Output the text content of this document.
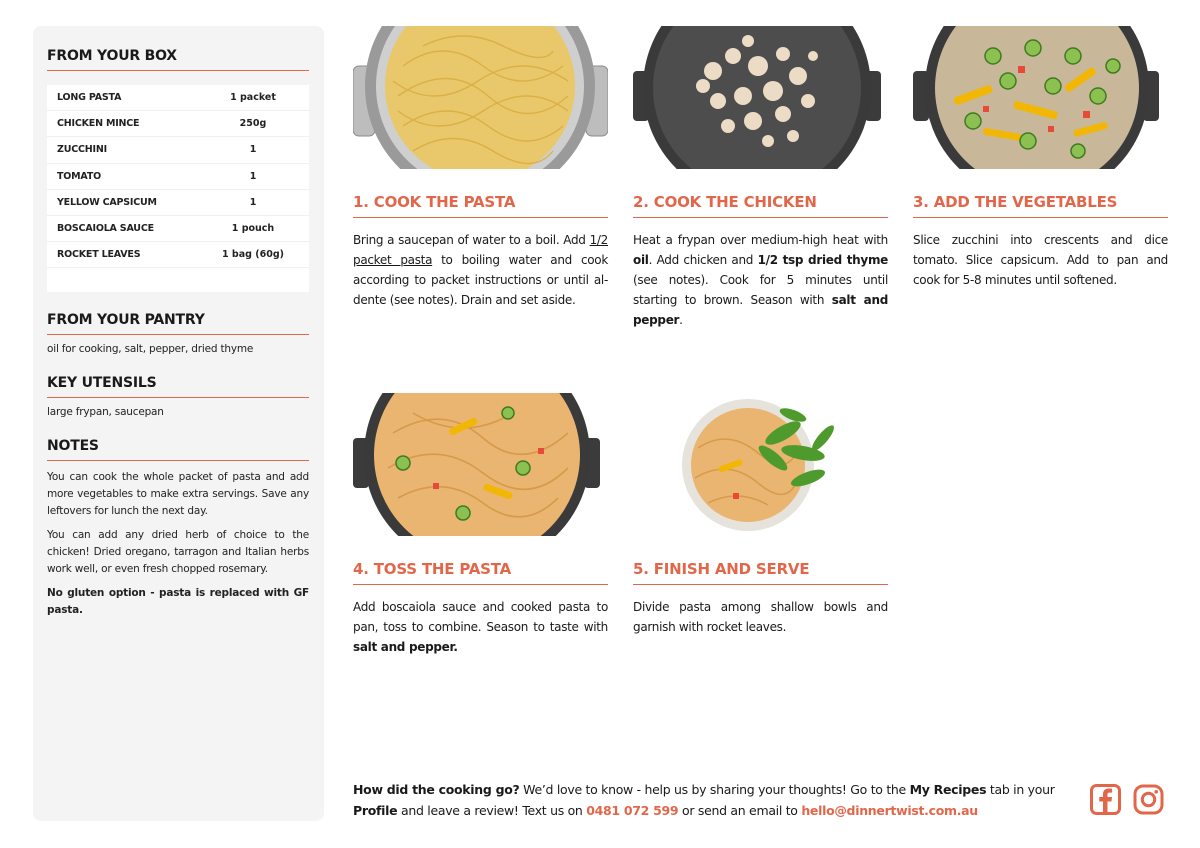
FROM YOUR BOX
LONG PASTA	1 packet
CHICKEN MINCE	250g
ZUCCHINI	1
TOMATO	1
YELLOW CAPSICUM	1
BOSCAIOLA SAUCE	1 pouch
ROCKET LEAVES	1 bag (60g)
FROM YOUR PANTRY
oil for cooking, salt, pepper, dried thyme
KEY UTENSILS
large frypan, saucepan
NOTES

You can cook the whole packet of pasta and add more vegetables to make extra servings. Save any leftovers for lunch the next day.

You can add any dried herb of choice to the chicken! Dried oregano, tarragon and Italian herbs work well, or even fresh chopped rosemary.

No gluten option - pasta is replaced with GF pasta.

1. COOK THE PASTA

Bring a saucepan of water to a boil. Add 1/2 packet pasta to boiling water and cook according to packet instructions or until al-dente (see notes). Drain and set aside.

2. COOK THE CHICKEN

Heat a frypan over medium-high heat with oil. Add chicken and 1/2 tsp dried thyme (see notes). Cook for 5 minutes until starting to brown. Season with salt and pepper.

3. ADD THE VEGETABLES

Slice zucchini into crescents and dice tomato. Slice capsicum. Add to pan and cook for 5-8 minutes until softened.

4. TOSS THE PASTA

Add boscaiola sauce and cooked pasta to pan, toss to combine. Season to taste with salt and pepper.

5. FINISH AND SERVE

Divide pasta among shallow bowls and garnish with rocket leaves.

How did the cooking go? We’d love to know - help us by sharing your thoughts! Go to the My Recipes tab in your Profile and leave a review! Text us on 0481 072 599 or send an email to hello@dinnertwist.com.au
